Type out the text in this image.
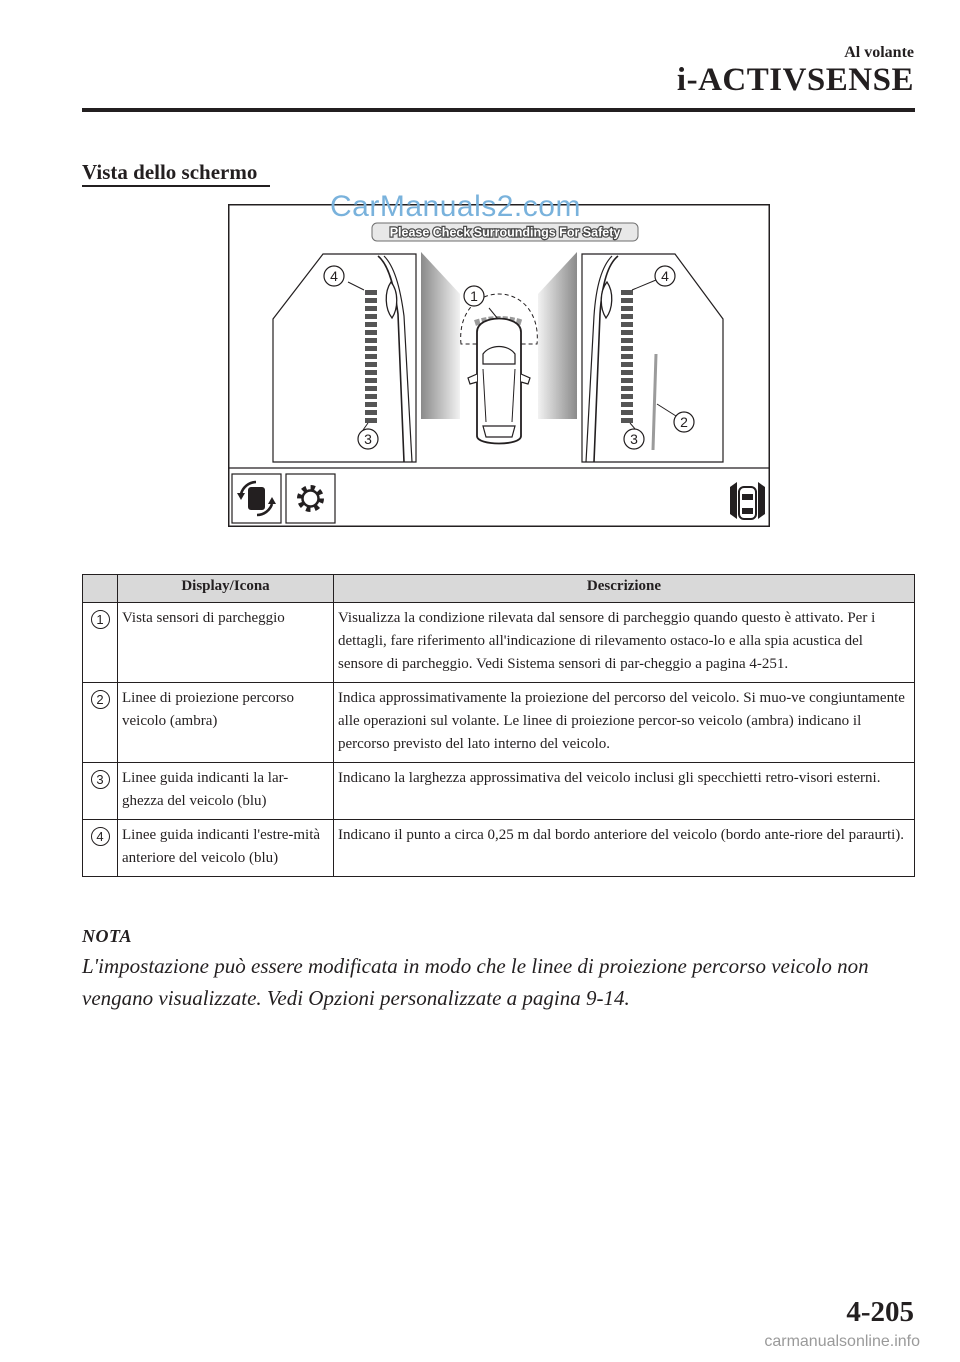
Al volante
i-ACTIVSENSE
Vista dello schermo
Please Check Surroundings For Safety
4
1
4
2
3	3
CarManuals2.com
	Display/Icona	Descrizione
1	Vista sensori di parcheggio	Visualizza la condizione rilevata dal sensore di parcheggio quando questo è attivato. Per i dettagli, fare riferimento all'indicazione di rilevamento ostaco-lo e alla spia acustica del sensore di parcheggio. Vedi Sistema sensori di par-cheggio a pagina 4-251.
2	Linee di proiezione percorso veicolo (ambra)	Indica approssimativamente la proiezione del percorso del veicolo. Si muo-ve congiuntamente alle operazioni sul volante. Le linee di proiezione percor-so veicolo (ambra) indicano il percorso previsto del lato interno del veicolo.
3	Linee guida indicanti la lar-ghezza del veicolo (blu)	Indicano la larghezza approssimativa del veicolo inclusi gli specchietti retro-visori esterni.
4	Linee guida indicanti l'estre-mità anteriore del veicolo (blu)	Indicano il punto a circa 0,25 m dal bordo anteriore del veicolo (bordo ante-riore del paraurti).
NOTA
L'impostazione può essere modificata in modo che le linee di proiezione percorso veicolo non vengano visualizzate. Vedi Opzioni personalizzate a pagina 9-14.
4-205
carmanualsonline.info
